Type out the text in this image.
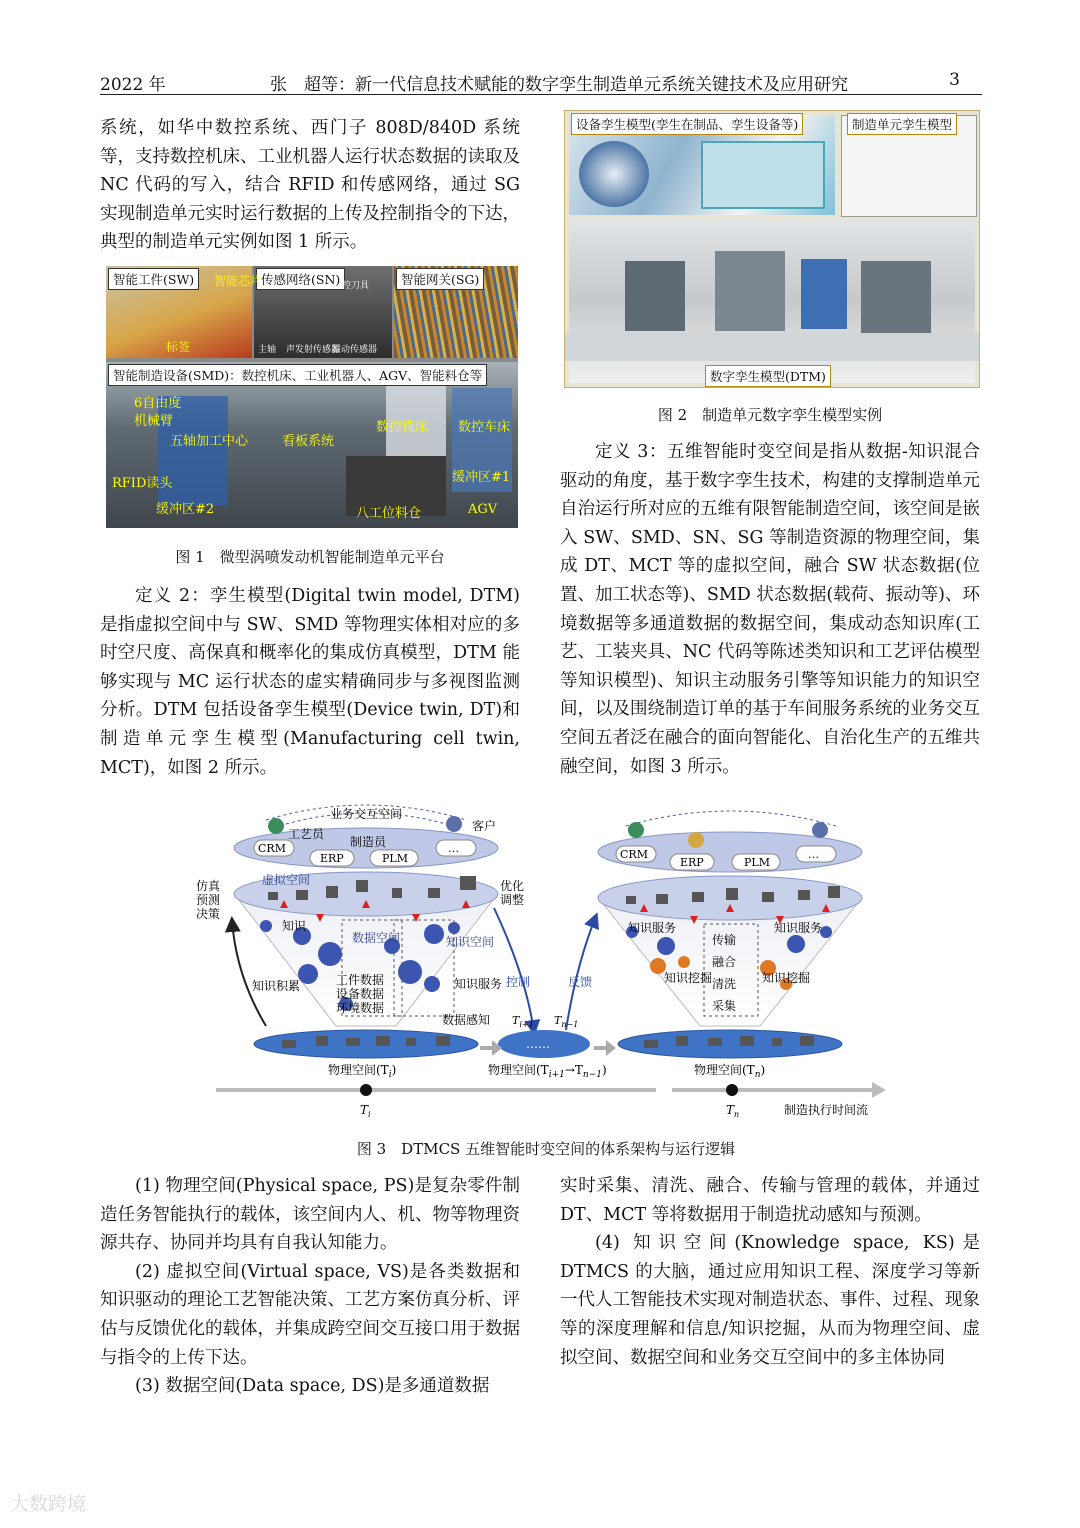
2022 年	张　超等：新一代信息技术赋能的数字孪生制造单元系统关键技术及应用研究	3

系统，如华中数控系统、西门子 808D/840D 系统等，支持数控机床、工业机器人运行状态数据的读取及 NC 代码的写入，结合 RFID 和传感网络，通过 SG 实现制造单元实时运行数据的上传及控制指令的下达，典型的制造单元实例如图 1 所示。

智能工件(SW)	传感网络(SN)	智能网关(SG)
智能制造设备(SMD)：数控机床、工业机器人、AGV、智能料仓等
智能芯片
标签
控刀具
主轴 声发射传感器
振动传感器
6自由度
机械臂
五轴加工中心	看板系统
数控铣床 数控车床
RFID读头	缓冲区#1
缓冲区#2	八工位料仓	AGV
图 1　微型涡喷发动机智能制造单元平台

定义 2：孪生模型(Digital twin model, DTM)是指虚拟空间中与 SW、SMD 等物理实体相对应的多时空尺度、高保真和概率化的集成仿真模型，DTM 能够实现与 MC 运行状态的虚实精确同步与多视图监测分析。DTM 包括设备孪生模型(Device twin, DT)和制造单元孪生模型(Manufacturing cell twin, MCT)，如图 2 所示。

设备孪生模型(孪生在制品、孪生设备等)	制造单元孪生模型
数字孪生模型(DTM)
图 2　制造单元数字孪生模型实例

定义 3：五维智能时变空间是指从数据-知识混合驱动的角度，基于数字孪生技术，构建的支撑制造单元自治运行所对应的五维有限智能制造空间，该空间是嵌入 SW、SMD、SN、SG 等制造资源的物理空间，集成 DT、MCT 等的虚拟空间，融合 SW 状态数据(位置、加工状态等)、SMD 状态数据(载荷、振动等)、环境数据等多通道数据的数据空间，集成动态知识库(工艺、工装夹具、NC 代码等陈述类知识和工艺评估模型等知识模型)、知识主动服务引擎等知识能力的知识空间，以及围绕制造订单的基于车间服务系统的业务交互空间五者泛在融合的面向智能化、自治化生产的五维共融空间，如图 3 所示。

业务交互空间
工艺员
制造员
客户
CRM
ERP	PLM
…
虚拟空间
知识
数据空间	知识空间
工件数据
设备数据
环境数据
知识服务
数据感知
知识积累
仿真
预测
决策
优化
调整
物理空间$(T_i)$
控制	反馈
$T_{i+1}$ $T_{n-1}$
……
物理空间$(T_{i+1}\to T_{n-1})$
CRM
ERP	PLM
…
知识服务
传输
融合
清洗
采集
知识挖掘	知识挖掘
知识服务
物理空间$(T_n)$
$T_i$	$T_n$	制造执行时间流
图 3　DTMCS 五维智能时变空间的体系架构与运行逻辑

(1) 物理空间(Physical space, PS)是复杂零件制造任务智能执行的载体，该空间内人、机、物等物理资源共存、协同并均具有自我认知能力。

(2) 虚拟空间(Virtual space, VS)是各类数据和知识驱动的理论工艺智能决策、工艺方案仿真分析、评估与反馈优化的载体，并集成跨空间交互接口用于数据与指令的上传下达。

(3) 数据空间(Data space, DS)是多通道数据

实时采集、清洗、融合、传输与管理的载体，并通过 DT、MCT 等将数据用于制造扰动感知与预测。

(4) 知识空间(Knowledge space, KS)是 DTMCS 的大脑，通过应用知识工程、深度学习等新一代人工智能技术实现对制造状态、事件、过程、现象等的深度理解和信息/知识挖掘，从而为物理空间、虚拟空间、数据空间和业务交互空间中的多主体协同

大数跨境
